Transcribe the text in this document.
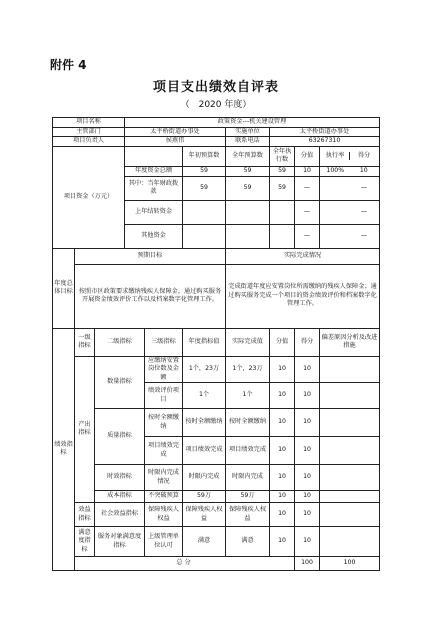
附件 4
项目支出绩效自评表
（　2020 年度）
项目名称			政策资金---机关建设管理							
主管部门			太平桥街道办事处			实施单位	太平桥街道办事处			
项目负责人			侯燕伟			联系电话	63267310			
项目资金（万元）					年初预算数	全年预算数	全年执行数	分值	执行率 得分	

			年度资金总额		59	59	59	10	100% 10	

			其中：当年财政拨款		59	59	59	—	—	

			上年结转资金					—	—	

			其他资金					—	—	

年度总体目标	预期目标					实际完成情况				
	按照市区政策要求缴纳残疾人保障金，通过购买服务开展资金绩效评价工作以及档案数字化管理工作。					完成街道年度应安置岗位所需缴纳的残疾人保障金；通过购买服务完成一个项目的资金绩效评价和档案数字化管理工作。				
绩效指标	一级指标	二级指标		三级指标	年度指标值	实际完成值	分值	得分	偏差原因分析及改进措施	
	产出指标	数量指标		应缴纳安置岗位数及金额	1个，23万	1个，23万	10	10		
				绩效评价项目	1个	1个	10	10		
		质量指标		按时全额缴纳	按时全额缴纳	按时全额缴纳	10	10		
				项目绩效完成	项目绩效完成	项目绩效完成	10	10		
		时效指标		时限内完成情况	时限内完成	时限内完成	10	10		
		成本指标		不突破预算	59万	59万	10	10		
	效益指标	社会效益指标		保障残疾人权益	保障残疾人权益	保障残疾人权益	10	10		
	满意度指标	服务对象满意度指标		上级管理单位认可	满意	满意	10	10		
	总分							100	100	
